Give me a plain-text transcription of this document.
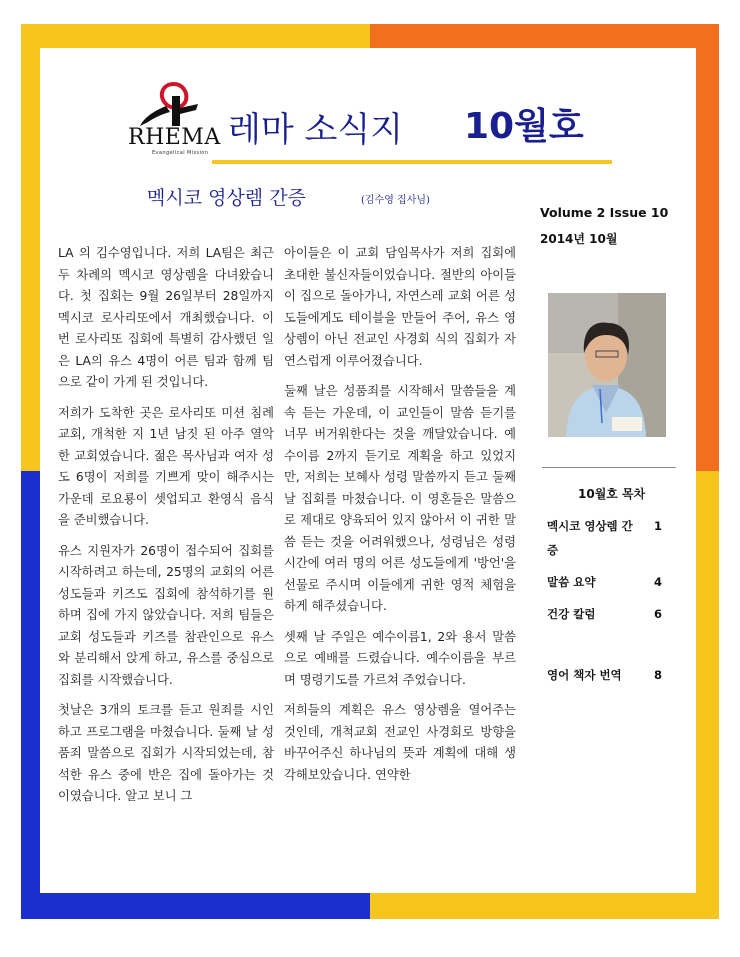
RHEMA
Evangelical Mission
레마 소식지 10월호
멕시코 영상렘 간증	(김수영 집사님)

LA 의 김수영입니다. 저희 LA팀은 최근 두 차례의 멕시코 영상렘을 다녀왔습니다. 첫 집회는 9월 26일부터 28일까지 멕시코 로사리또에서 개최했습니다. 이번 로사리또 집회에 특별히 감사했던 일은 LA의 유스 4명이 어른 팀과 함께 팀으로 같이 가게 된 것입니다.

저희가 도착한 곳은 로사리또 미션 침례교회, 개척한 지 1년 남짓 된 아주 열악한 교회였습니다. 젊은 목사님과 여자 성도 6명이 저희를 기쁘게 맞이 해주시는 가운데 로요룡이 셋업되고 환영식 음식을 준비했습니다.

유스 지원자가 26명이 접수되어 집회를 시작하려고 하는데, 25명의 교회의 어른 성도들과 키즈도 집회에 참석하기를 원하며 집에 가지 않았습니다. 저희 팀들은 교회 성도들과 키즈를 참관인으로 유스와 분리해서 앉게 하고, 유스를 중심으로 집회를 시작했습니다.

첫날은 3개의 토크를 듣고 원죄를 시인하고 프로그램을 마쳤습니다. 둘째 날 성품죄 말씀으로 집회가 시작되었는데, 참석한 유스 중에 반은 집에 돌아가는 것 이였습니다. 알고 보니 그

아이들은 이 교회 담임목사가 저희 집회에 초대한 불신자들이었습니다. 절반의 아이들이 집으로 돌아가니, 자연스레 교회 어른 성도들에게도 테이블을 만들어 주어, 유스 영상렘이 아닌 전교인 사경회 식의 집회가 자연스럽게 이루어졌습니다.

둘째 날은 성품죄를 시작해서 말씀들을 계속 듣는 가운데, 이 교인들이 말씀 듣기를 너무 버거워한다는 것을 깨달았습니다. 예수이름 2까지 듣기로 계획을 하고 있었지만, 저희는 보혜사 성령 말씀까지 듣고 둘째 날 집회를 마쳤습니다. 이 영혼들은 말씀으로 제대로 양육되어 있지 않아서 이 귀한 말씀 듣는 것을 어려워했으나, 성령님은 성령 시간에 여러 명의 어른 성도들에게 '방언'을 선물로 주시며 이들에게 귀한 영적 체험을 하게 해주셨습니다.

셋째 날 주일은 예수이름1, 2와 용서 말씀으로 예배를 드렸습니다. 예수이름을 부르며 명령기도를 가르쳐 주었습니다.

저희들의 계획은 유스 영상렘을 열어주는 것인데, 개척교회 전교인 사경회로 방향을 바꾸어주신 하나님의 뜻과 계획에 대해 생각해보았습니다. 연약한

Volume 2 Issue 10
2014년 10월
10월호 목차
멕시코 영상렘 간증
1
말씀 요약	4
건강 칼럼	6
영어 책자 번역	8
